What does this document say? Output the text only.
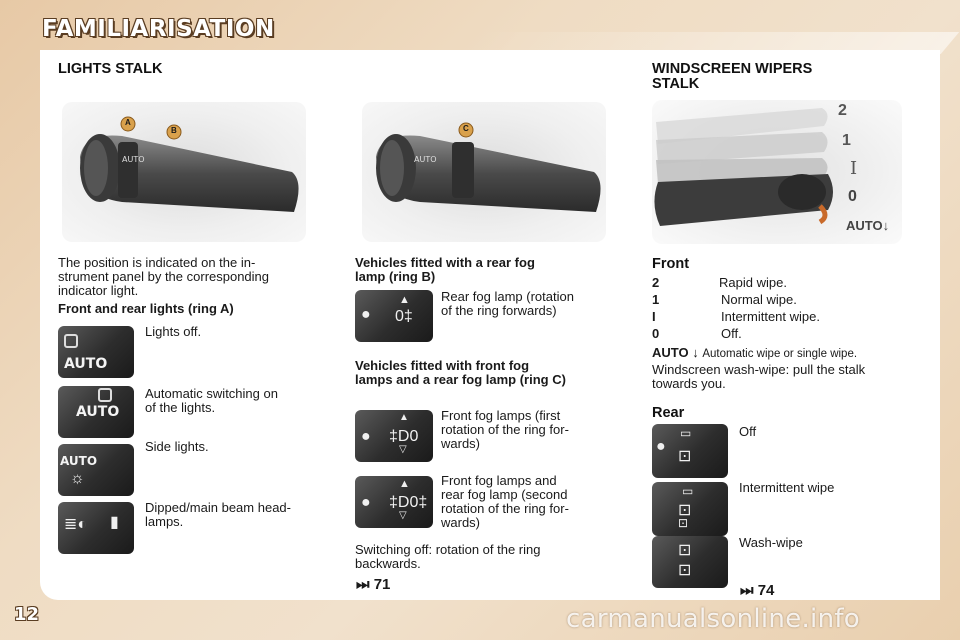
FAMILIARISATION
LIGHTS STALK
AUTO
A
B
The position is indicated on the in-
strument panel by the corresponding
indicator light.
Front and rear lights (ring A)
AUTO
Lights off.
AUTO
Automatic switching on
of the lights.
AUTO
☼
Side lights.
≣◐ ▮
Dipped/main beam head-
lamps.
AUTO
C
Vehicles fitted with a rear fog
lamp (ring B)
●
▲
0‡
Rear fog lamp (rotation
of the ring forwards)
Vehicles fitted with front fog
lamps and a rear fog lamp (ring C)
●
▲
‡D0
▽
Front fog lamps (first
rotation of the ring for-
wards)
●
▲
‡D0‡
▽
Front fog lamps and
rear fog lamp (second
rotation of the ring for-
wards)
Switching off: rotation of the ring
backwards.
⏭ 71
WINDSCREEN WIPERS
STALK
2
1
I
0
AUTO↓
Front
2	Rapid wipe.
1	Normal wipe.
I	Intermittent wipe.
0	Off.
AUTO ↓ Automatic wipe or single wipe.
Windscreen wash-wipe: pull the stalk
towards you.
Rear
●
▭
⊡
Off
▭
⊡
⊡
Intermittent wipe
⊡
⊡
Wash-wipe
⏭ 74
12	carmanualsonline.info
